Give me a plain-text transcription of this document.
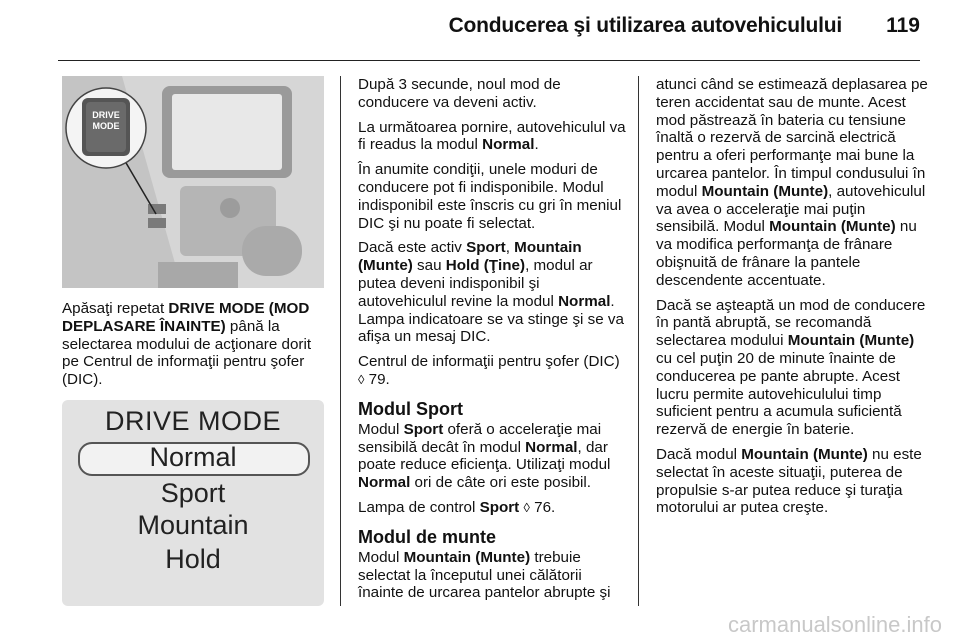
Conducerea şi utilizarea autovehiculului 119
DRIVE
MODE

Apăsaţi repetat DRIVE MODE (MOD DEPLASARE ÎNAINTE) până la selectarea modului de acţionare dorit pe Centrul de informaţii pentru şofer (DIC).

DRIVE MODE
Normal
Sport
Mountain
Hold

După 3 secunde, noul mod de conducere va deveni activ.

La următoarea pornire, autovehiculul va fi readus la modul Normal.

În anumite condiţii, unele moduri de conducere pot fi indisponibile. Modul indisponibil este înscris cu gri în meniul DIC şi nu poate fi selectat.

Dacă este activ Sport, Mountain (Munte) sau Hold (Ţine), modul ar putea deveni indisponibil şi autovehiculul revine la modul Normal. Lampa indicatoare se va stinge şi se va afişa un mesaj DIC.

Centrul de informaţii pentru şofer (DIC) ◊ 79.

Modul Sport

Modul Sport oferă o acceleraţie mai sensibilă decât în modul Normal, dar poate reduce eficienţa. Utilizaţi modul Normal ori de câte ori este posibil.

Lampa de control Sport ◊ 76.

Modul de munte

Modul Mountain (Munte) trebuie selectat la începutul unei călătorii înainte de urcarea pantelor abrupte şi

atunci când se estimează deplasarea pe teren accidentat sau de munte. Acest mod păstrează în bateria cu tensiune înaltă o rezervă de sarcină electrică pentru a oferi performanţe mai bune la urcarea pantelor. În timpul condusului în modul Mountain (Munte), autovehiculul va avea o acceleraţie mai puţin sensibilă. Modul Mountain (Munte) nu va modifica performanţa de frânare obişnuită de frânare la pantele descendente accentuate.

Dacă se aşteaptă un mod de conducere în pantă abruptă, se recomandă selectarea modului Mountain (Munte) cu cel puţin 20 de minute înainte de conducerea pe pante abrupte. Acest lucru permite autovehiculului timp suficient pentru a acumula suficientă rezervă de energie în baterie.

Dacă modul Mountain (Munte) nu este selectat în aceste situaţii, puterea de propulsie s-ar putea reduce şi turaţia motorului ar putea creşte.

carmanualsonline.info
